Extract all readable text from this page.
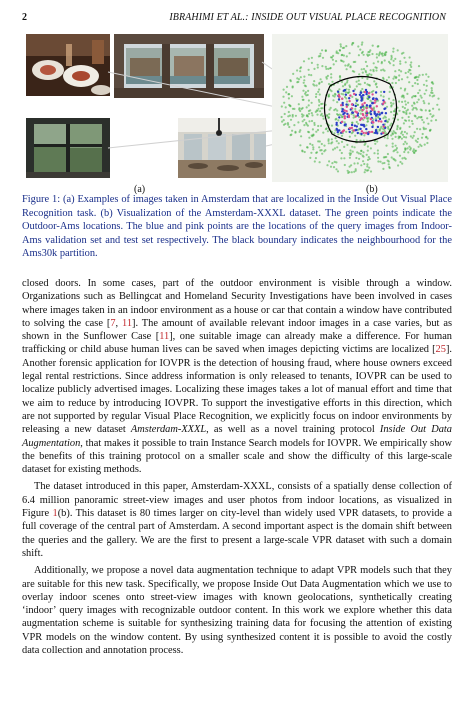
2	IBRAHIMI ET AL.: INSIDE OUT VISUAL PLACE RECOGNITION
(a)	(b)
Figure 1: (a) Examples of images taken in Amsterdam that are localized in the Inside Out Visual Place Recognition task. (b) Visualization of the Amsterdam-XXXL dataset. The green points indicate the Outdoor-Ams locations. The blue and pink points are the locations of the query images from Indoor-Ams validation set and test set respectively. The black boundary indicates the neighbourhood for the Ams30k partition.

closed doors. In some cases, part of the outdoor environment is visible through a window. Organizations such as Bellingcat and Homeland Security Investigations have been involved in cases where images taken in an indoor environment as a house or car that contain a window have contributed to solving the case [7, 11]. The amount of available relevant indoor images in a case varies, but as shown in the Sunflower Case [11], one suitable image can already make a difference. For human trafficking or child abuse human lives can be saved when images depicting victims are localized [25]. Another forensic application for IOVPR is the detection of housing fraud, where house owners exceed legal rental restrictions. Since address information is only released to tenants, IOVPR can be used to localize publicly advertised images. Localizing these images takes a lot of manual effort and time that we aim to reduce by introducing IOVPR. To support the investigative efforts in this direction, which are not supported by regular Visual Place Recognition, we explicitly focus on indoor environments by releasing a new dataset Amsterdam-XXXL, as well as a novel training protocol Inside Out Data Augmentation, that makes it possible to train Instance Search models for IOVPR. We empirically show the benefits of this training protocol on a smaller scale and show the difficulty of this large-scale dataset for existing methods.

The dataset introduced in this paper, Amsterdam-XXXL, consists of a spatially dense collection of 6.4 million panoramic street-view images and user photos from indoor locations, as visualized in Figure 1(b). This dataset is 80 times larger on city-level than widely used VPR datasets, to provide a full coverage of the central part of Amsterdam. A second important aspect is the domain shift between the queries and the gallery. We are the first to present a large-scale VPR dataset with such a domain shift.

Additionally, we propose a novel data augmentation technique to adapt VPR models such that they are suitable for this new task. Specifically, we propose Inside Out Data Augmentation which we use to overlay indoor scenes onto street-view images with known geolocations, synthetically creating ‘indoor’ query images with recognizable outdoor content. In this work we explore whether this data augmentation scheme is suitable for synthesizing training data for focusing the attention of existing VPR models on the window content. By using synthesized content it is possible to avoid the costly data collection and annotation process.
